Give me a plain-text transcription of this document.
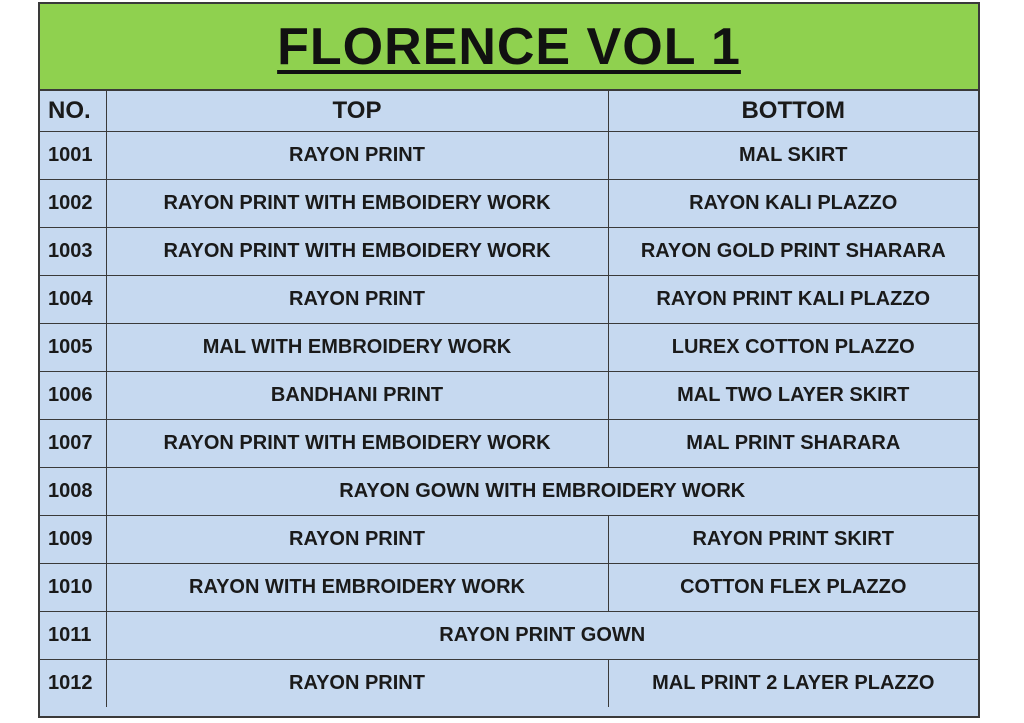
FLORENCE VOL 1
NO.	TOP	BOTTOM
1001	RAYON PRINT	MAL SKIRT
1002	RAYON PRINT WITH EMBOIDERY WORK	RAYON KALI PLAZZO
1003	RAYON PRINT WITH EMBOIDERY WORK	RAYON GOLD PRINT SHARARA
1004	RAYON PRINT	RAYON PRINT KALI PLAZZO
1005	MAL WITH EMBROIDERY WORK	LUREX COTTON PLAZZO
1006	BANDHANI PRINT	MAL TWO LAYER SKIRT
1007	RAYON PRINT WITH EMBOIDERY WORK	MAL PRINT SHARARA
1008	RAYON GOWN WITH EMBROIDERY WORK	
1009	RAYON PRINT	RAYON PRINT SKIRT
1010	RAYON WITH EMBROIDERY WORK	COTTON FLEX PLAZZO
1011	RAYON PRINT GOWN	
1012	RAYON PRINT	MAL PRINT 2 LAYER PLAZZO
